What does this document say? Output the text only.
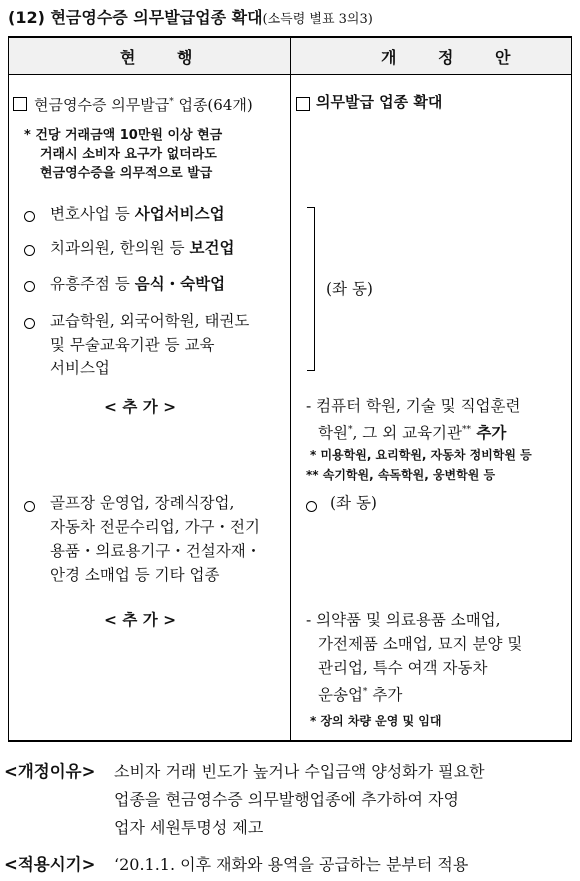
(12) 현금영수증 의무발급업종 확대(소득령 별표 3의3)
현 행	개 정 안
현금영수증 의무발급* 업종(64개)
* 건당 거래금액 10만원 이상 현금
거래시 소비자 요구가 없더라도
현금영수증을 의무적으로 발급
변호사업 등 사업서비스업
치과의원, 한의원 등 보건업
유흥주점 등 음식・숙박업
교습학원, 외국어학원, 태권도
및 무술교육기관 등 교육
서비스업
< 추 가 >
골프장 운영업, 장례식장업,
자동차 전문수리업, 가구・전기
용품・의료용기구・건설자재・
안경 소매업 등 기타 업종
< 추 가 >
의무발급 업종 확대
(좌 동)
- 컴퓨터 학원, 기술 및 직업훈련
학원*, 그 외 교육기관** 추가
* 미용학원, 요리학원, 자동차 정비학원 등
** 속기학원, 속독학원, 웅변학원 등
(좌 동)
- 의약품 및 의료용품 소매업,
가전제품 소매업, 묘지 분양 및
관리업, 특수 여객 자동차
운송업* 추가
* 장의 차량 운영 및 임대
<개정이유> 소비자 거래 빈도가 높거나 수입금액 양성화가 필요한
업종을 현금영수증 의무발행업종에 추가하여 자영
업자 세원투명성 제고
<적용시기> ‘20.1.1. 이후 재화와 용역을 공급하는 분부터 적용
